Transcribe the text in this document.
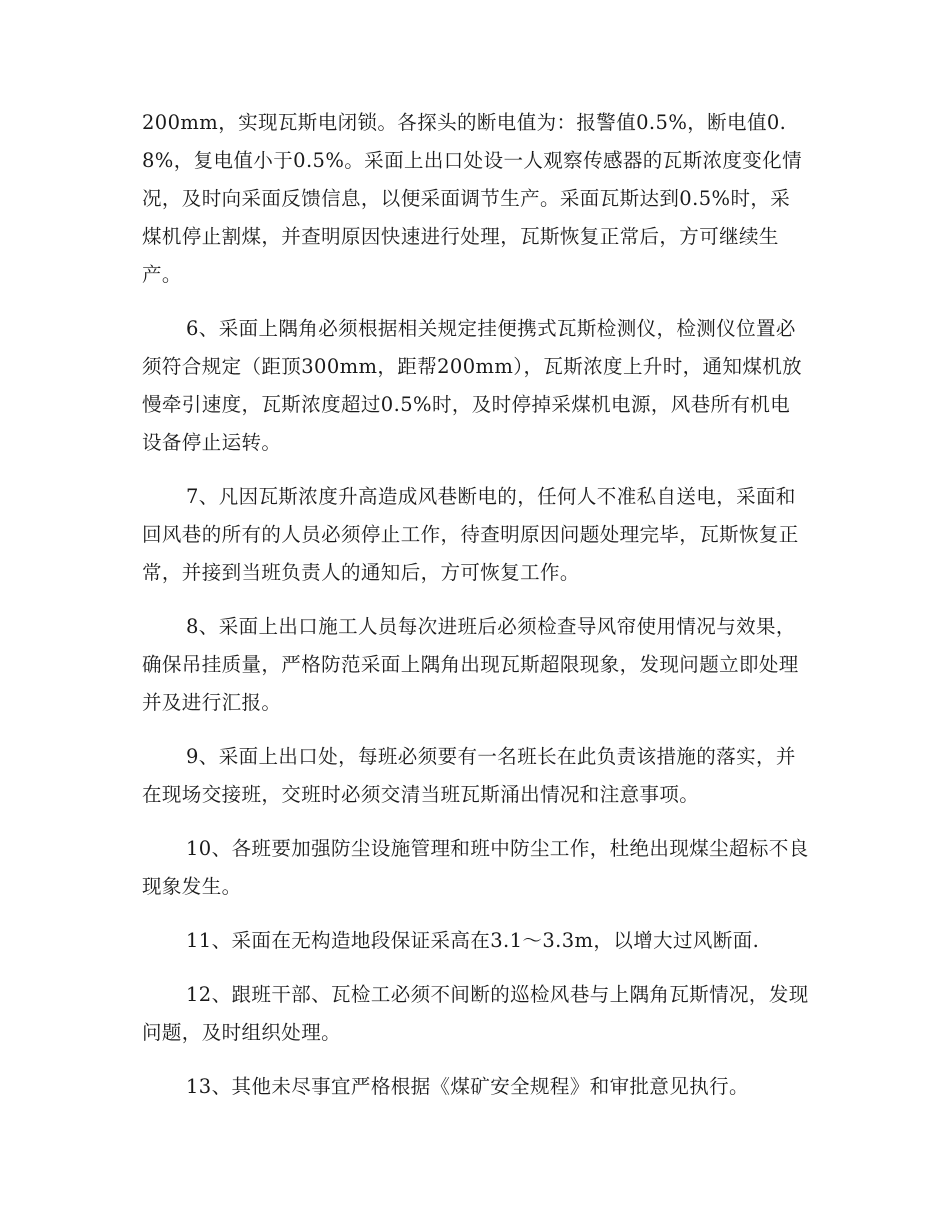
200mm，实现瓦斯电闭锁。各探头的断电值为：报警值0.5%，断电值0.8%，复电值小于0.5%。采面上出口处设一人观察传感器的瓦斯浓度变化情况，及时向采面反馈信息，以便采面调节生产。采面瓦斯达到0.5%时，采煤机停止割煤，并查明原因快速进行处理，瓦斯恢复正常后，方可继续生产。

6、采面上隅角必须根据相关规定挂便携式瓦斯检测仪，检测仪位置必须符合规定（距顶300mm，距帮200mm），瓦斯浓度上升时，通知煤机放慢牵引速度，瓦斯浓度超过0.5%时，及时停掉采煤机电源，风巷所有机电设备停止运转。

7、凡因瓦斯浓度升高造成风巷断电的，任何人不准私自送电，采面和回风巷的所有的人员必须停止工作，待查明原因问题处理完毕，瓦斯恢复正常，并接到当班负责人的通知后，方可恢复工作。

8、采面上出口施工人员每次进班后必须检查导风帘使用情况与效果，确保吊挂质量，严格防范采面上隅角出现瓦斯超限现象，发现问题立即处理并及进行汇报。

9、采面上出口处，每班必须要有一名班长在此负责该措施的落实，并在现场交接班，交班时必须交清当班瓦斯涌出情况和注意事项。

10、各班要加强防尘设施管理和班中防尘工作，杜绝出现煤尘超标不良现象发生。

11、采面在无构造地段保证采高在3.1～3.3m，以增大过风断面.

12、跟班干部、瓦检工必须不间断的巡检风巷与上隅角瓦斯情况，发现问题，及时组织处理。

13、其他未尽事宜严格根据《煤矿安全规程》和审批意见执行。
